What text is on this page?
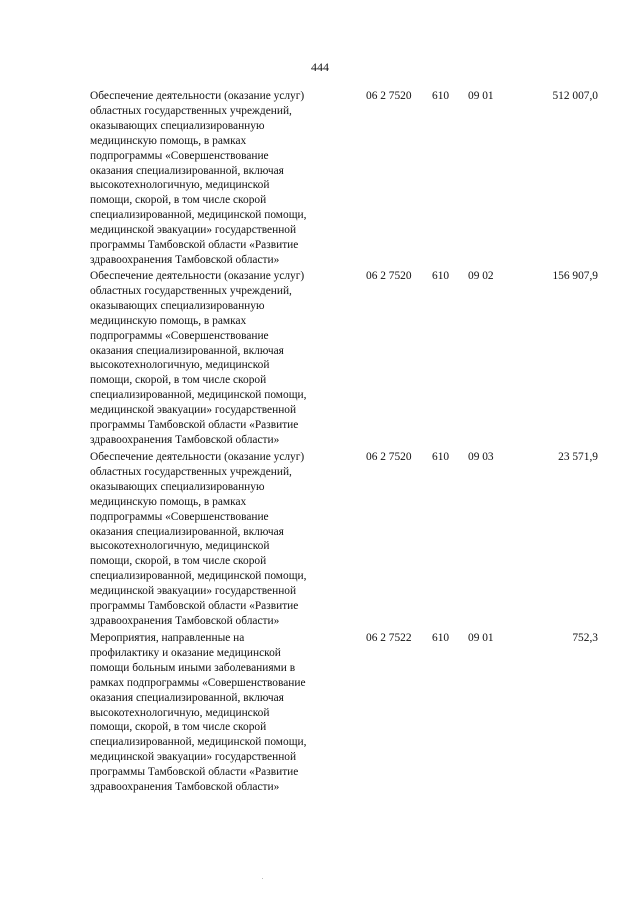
444
Обеспечение деятельности (оказание услуг)
областных государственных учреждений,
оказывающих специализированную
медицинскую помощь, в рамках
подпрограммы «Совершенствование
оказания специализированной, включая
высокотехнологичную, медицинской
помощи, скорой, в том числе скорой
специализированной, медицинской помощи,
медицинской эвакуации» государственной
программы Тамбовской области «Развитие
здравоохранения Тамбовской области»
06 2 7520	610	09 01	512 007,0
Обеспечение деятельности (оказание услуг)
областных государственных учреждений,
оказывающих специализированную
медицинскую помощь, в рамках
подпрограммы «Совершенствование
оказания специализированной, включая
высокотехнологичную, медицинской
помощи, скорой, в том числе скорой
специализированной, медицинской помощи,
медицинской эвакуации» государственной
программы Тамбовской области «Развитие
здравоохранения Тамбовской области»
06 2 7520	610	09 02	156 907,9
Обеспечение деятельности (оказание услуг)
областных государственных учреждений,
оказывающих специализированную
медицинскую помощь, в рамках
подпрограммы «Совершенствование
оказания специализированной, включая
высокотехнологичную, медицинской
помощи, скорой, в том числе скорой
специализированной, медицинской помощи,
медицинской эвакуации» государственной
программы Тамбовской области «Развитие
здравоохранения Тамбовской области»
06 2 7520	610	09 03	23 571,9
Мероприятия, направленные на
профилактику и оказание медицинской
помощи больным иными заболеваниями в
рамках подпрограммы «Совершенствование
оказания специализированной, включая
высокотехнологичную, медицинской
помощи, скорой, в том числе скорой
специализированной, медицинской помощи,
медицинской эвакуации» государственной
программы Тамбовской области «Развитие
здравоохранения Тамбовской области»
06 2 7522	610	09 01	752,3
